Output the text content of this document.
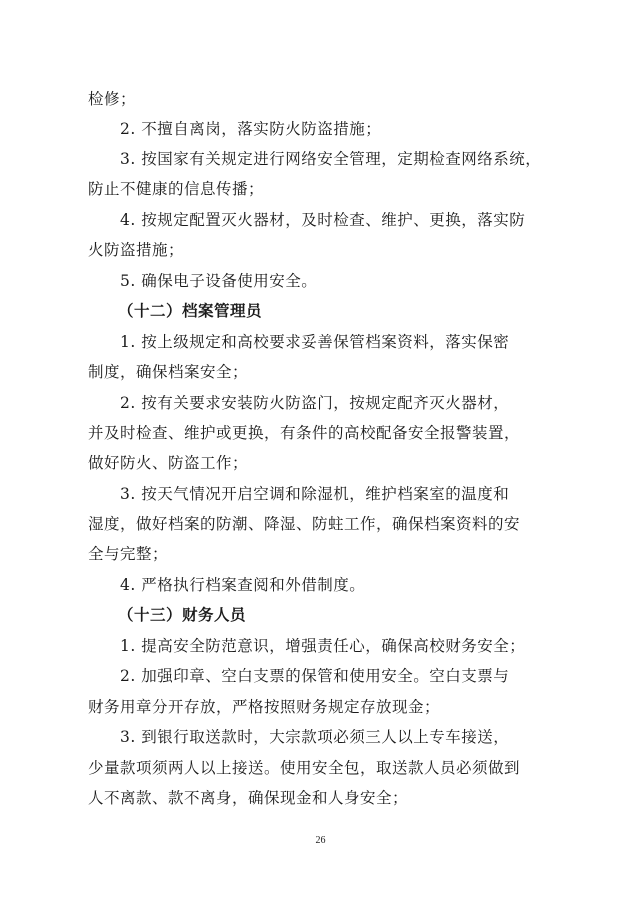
检修；
2. 不擅自离岗，落实防火防盗措施；
3. 按国家有关规定进行网络安全管理，定期检查网络系统，
防止不健康的信息传播；
4. 按规定配置灭火器材，及时检查、维护、更换，落实防
火防盗措施；
5. 确保电子设备使用安全。
（十二）档案管理员
1. 按上级规定和高校要求妥善保管档案资料，落实保密
制度，确保档案安全；
2. 按有关要求安装防火防盗门，按规定配齐灭火器材，
并及时检查、维护或更换，有条件的高校配备安全报警装置，
做好防火、防盗工作；
3. 按天气情况开启空调和除湿机，维护档案室的温度和
湿度，做好档案的防潮、降湿、防蛀工作，确保档案资料的安
全与完整；
4. 严格执行档案查阅和外借制度。
（十三）财务人员
1. 提高安全防范意识，增强责任心，确保高校财务安全；
2. 加强印章、空白支票的保管和使用安全。空白支票与
财务用章分开存放，严格按照财务规定存放现金；
3. 到银行取送款时，大宗款项必须三人以上专车接送，
少量款项须两人以上接送。使用安全包，取送款人员必须做到
人不离款、款不离身，确保现金和人身安全；
26
